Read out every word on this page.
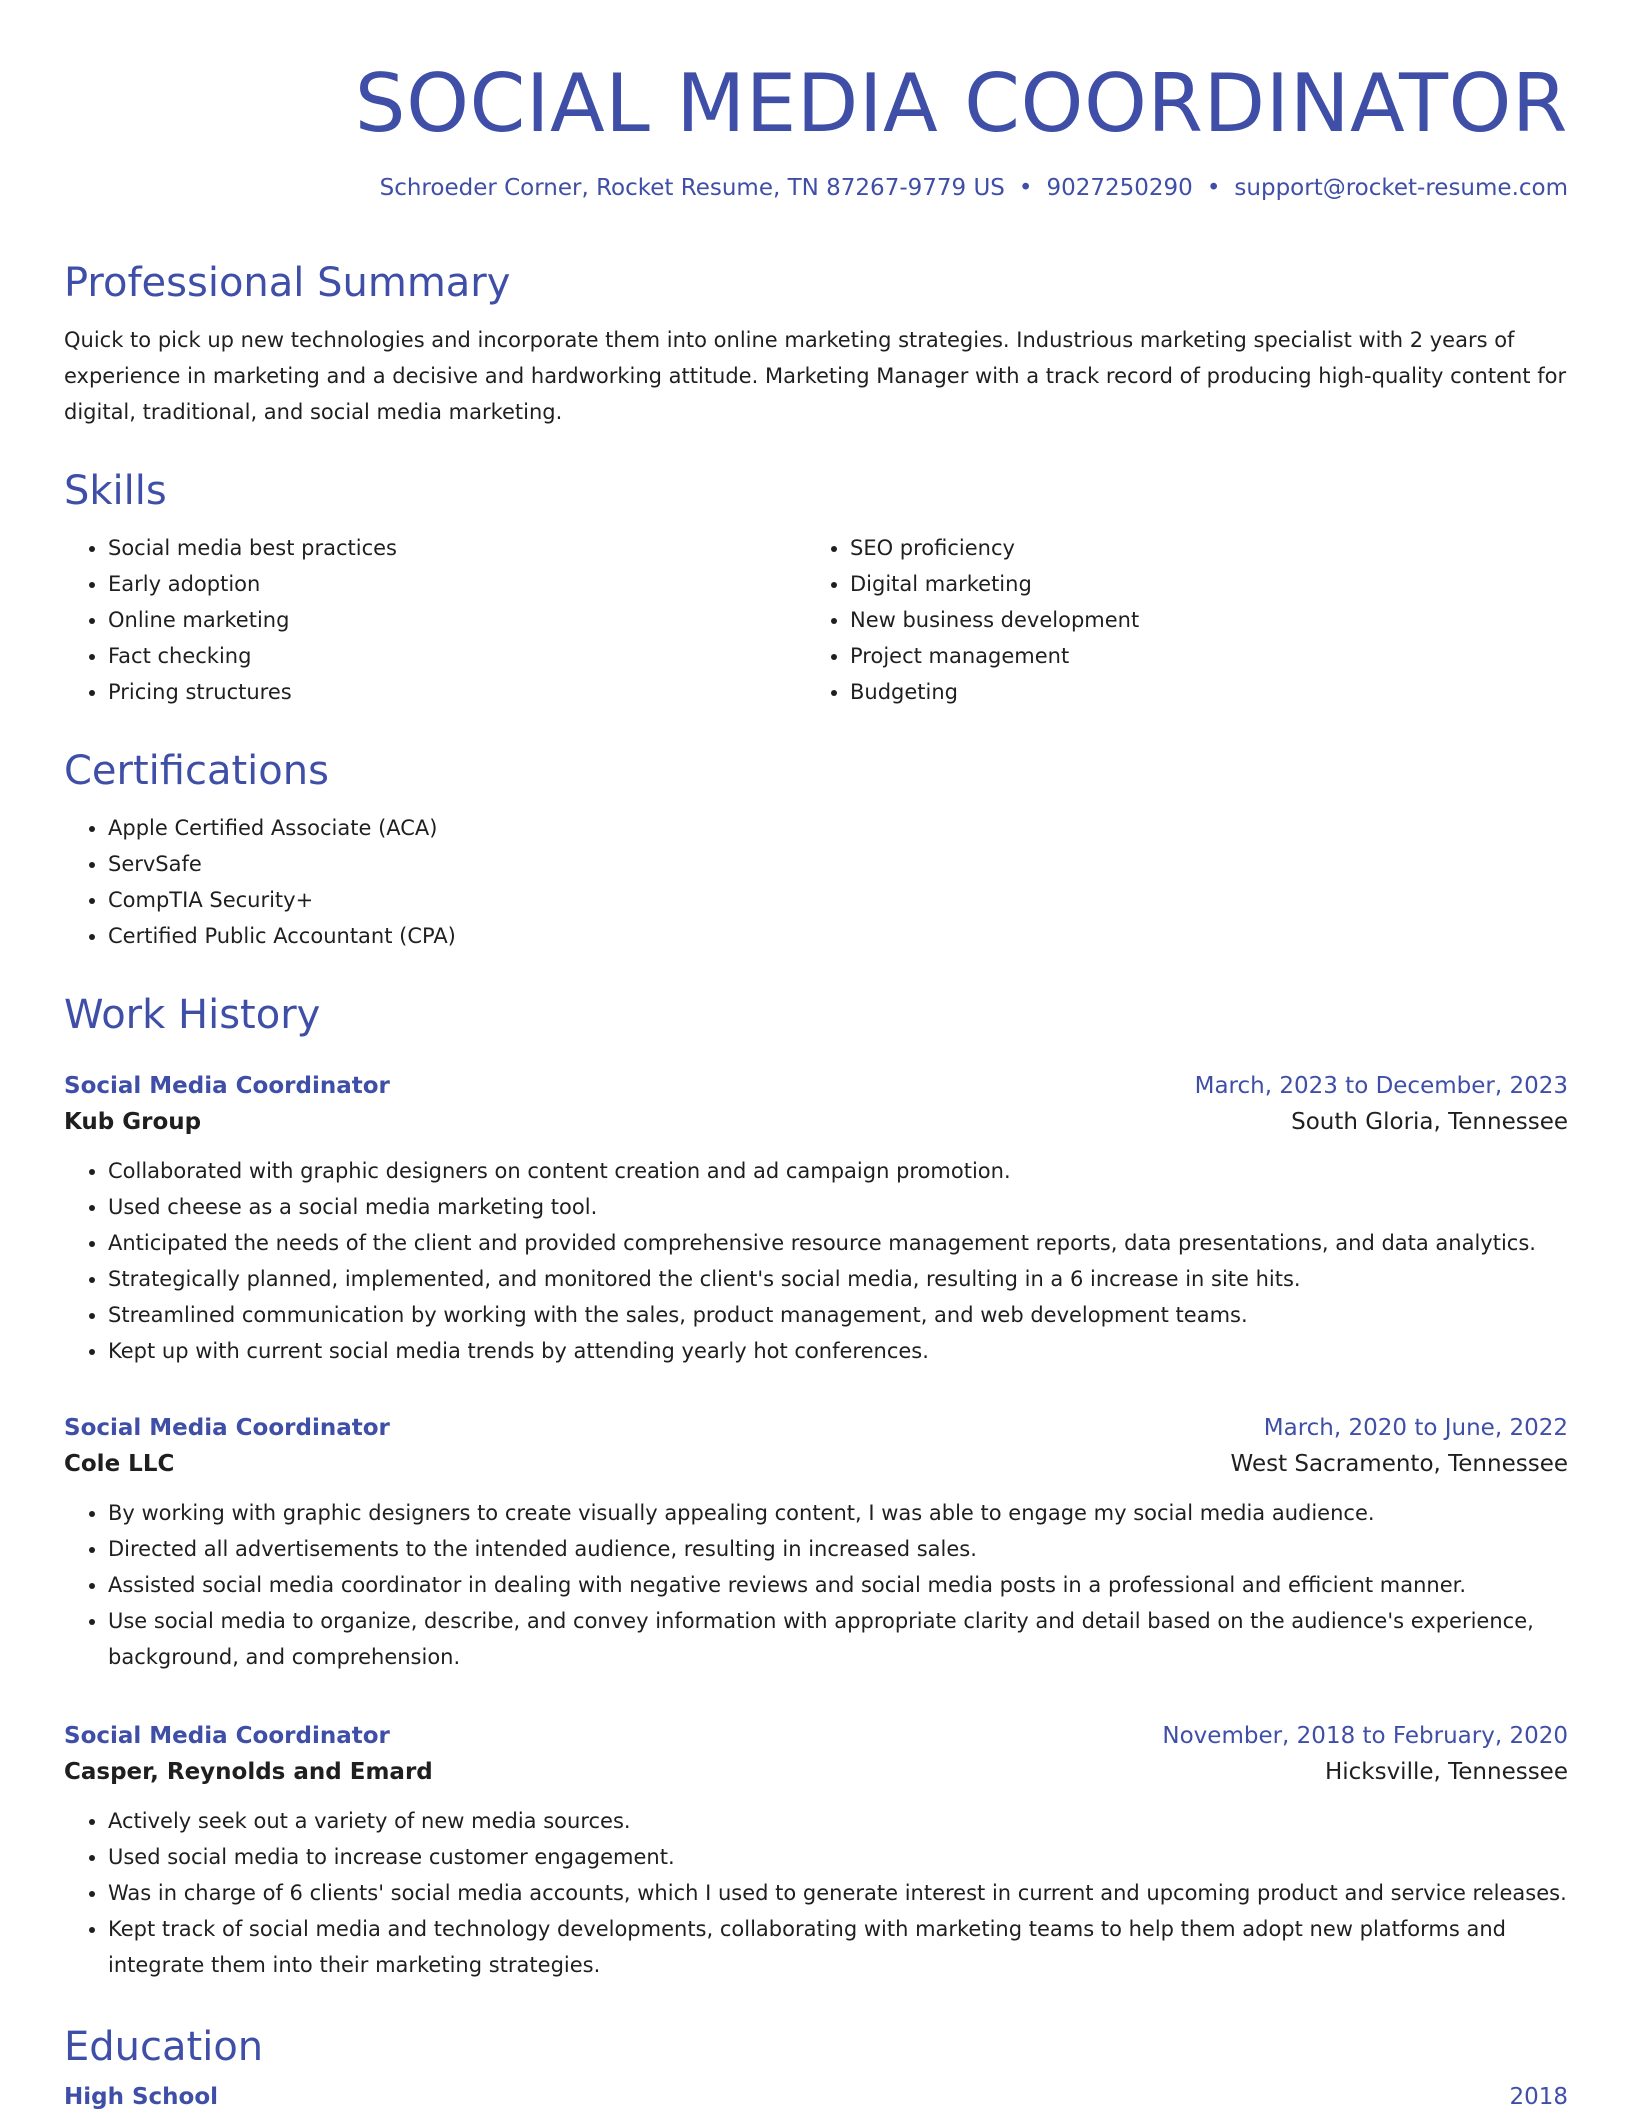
SOCIAL MEDIA COORDINATOR
Schroeder Corner, Rocket Resume, TN 87267-9779 US • 9027250290 • support@rocket-resume.com
Professional Summary

Quick to pick up new technologies and incorporate them into online marketing strategies. Industrious marketing specialist with 2 years of experience in marketing and a decisive and hardworking attitude. Marketing Manager with a track record of producing high-quality content for digital, traditional, and social media marketing.

Skills
• Social media best practices
• Early adoption
• Online marketing
• Fact checking
• Pricing structures
• SEO proficiency
• Digital marketing
• New business development
• Project management
• Budgeting
Certifications
• Apple Certified Associate (ACA)
• ServSafe
• CompTIA Security+
• Certified Public Accountant (CPA)
Work History
Social Media Coordinator	March, 2023 to December, 2023
Kub Group	South Gloria, Tennessee
• Collaborated with graphic designers on content creation and ad campaign promotion.
• Used cheese as a social media marketing tool.
• Anticipated the needs of the client and provided comprehensive resource management reports, data presentations, and data analytics.
• Strategically planned, implemented, and monitored the client's social media, resulting in a 6 increase in site hits.
• Streamlined communication by working with the sales, product management, and web development teams.
• Kept up with current social media trends by attending yearly hot conferences.
Social Media Coordinator	March, 2020 to June, 2022
Cole LLC	West Sacramento, Tennessee
• By working with graphic designers to create visually appealing content, I was able to engage my social media audience.
• Directed all advertisements to the intended audience, resulting in increased sales.
• Assisted social media coordinator in dealing with negative reviews and social media posts in a professional and efficient manner.
• Use social media to organize, describe, and convey information with appropriate clarity and detail based on the audience's experience, background, and comprehension.
Social Media Coordinator	November, 2018 to February, 2020
Casper, Reynolds and Emard	Hicksville, Tennessee
• Actively seek out a variety of new media sources.
• Used social media to increase customer engagement.
• Was in charge of 6 clients' social media accounts, which I used to generate interest in current and upcoming product and service releases.
• Kept track of social media and technology developments, collaborating with marketing teams to help them adopt new platforms and integrate them into their marketing strategies.
Education
High School	2018
